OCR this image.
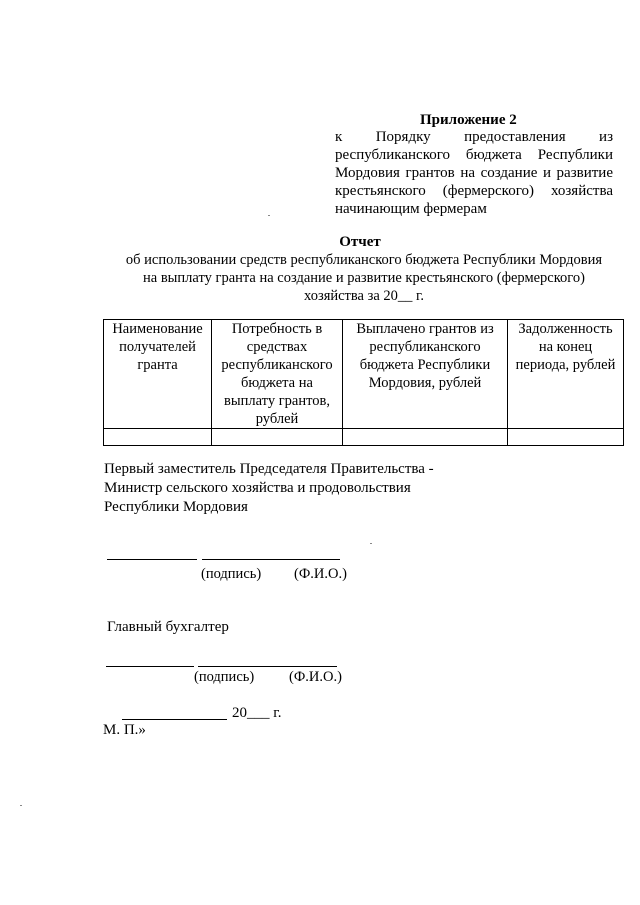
Приложение 2
к Порядку предоставления из республиканского бюджета Республики Мордовия грантов на создание и развитие крестьянского (фермерского) хозяйства начинающим фермерам
Отчет
об использовании средств республиканского бюджета Республики Мордовия
на выплату гранта на создание и развитие крестьянского (фермерского)
хозяйства за 20__ г.
Наименование получателей гранта	Потребность в средствах республиканского бюджета на выплату грантов, рублей	Выплачено грантов из республиканского бюджета Республики Мордовия, рублей	Задолженность на конец периода, рублей

Первый заместитель Председателя Правительства -
Министр сельского хозяйства и продовольствия
Республики Мордовия
(подпись) (Ф.И.О.)
Главный бухгалтер
(подпись) (Ф.И.О.)
20___ г.
М. П.»
